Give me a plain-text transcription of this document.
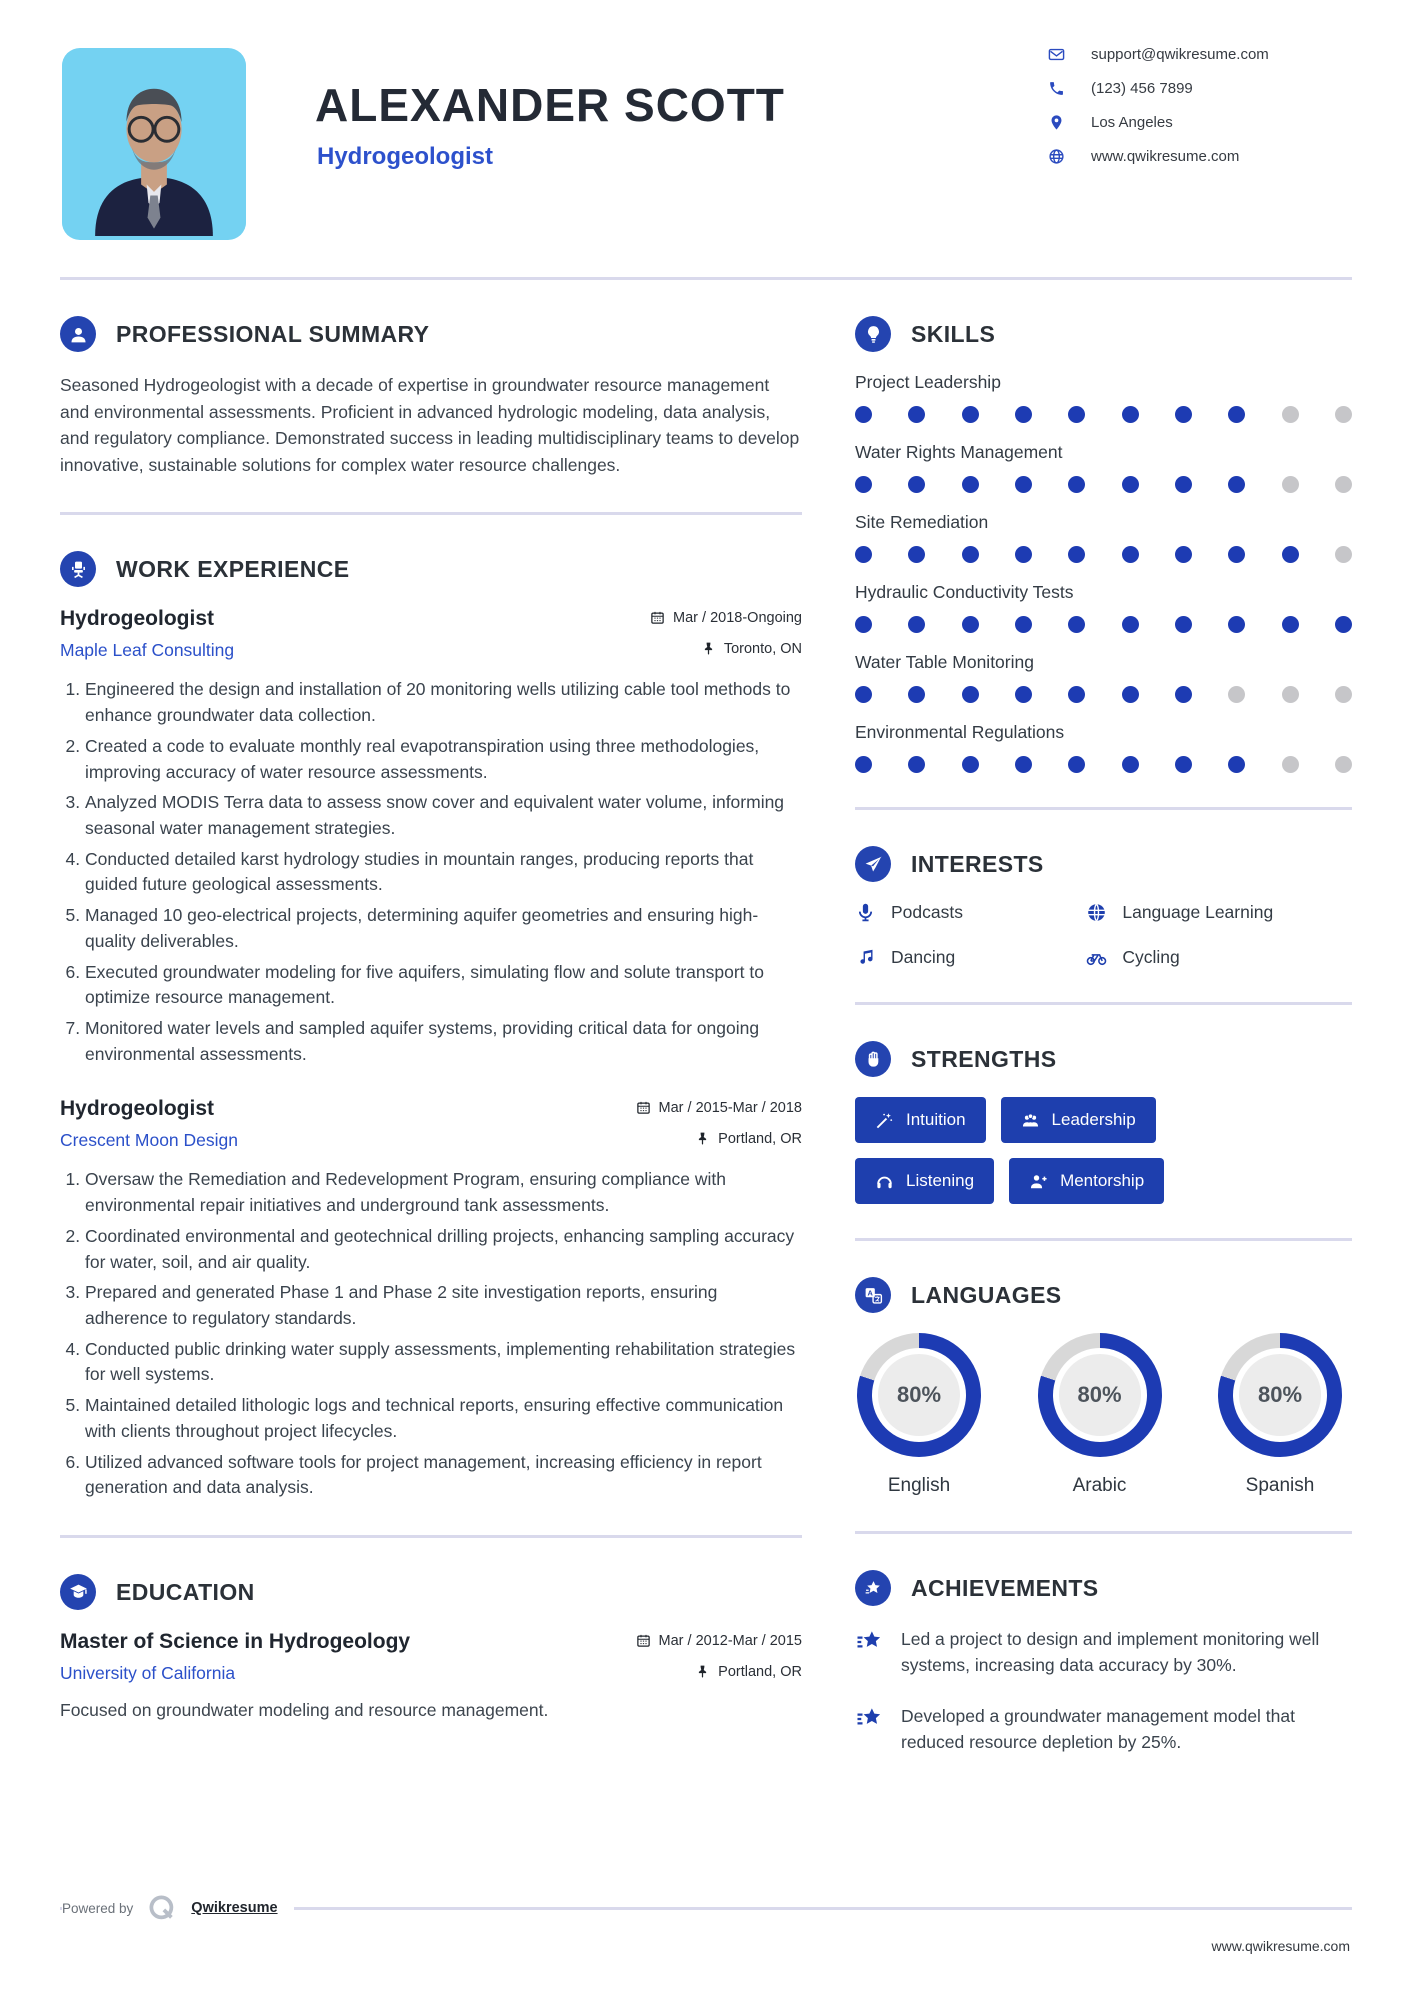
ALEXANDER SCOTT
Hydrogeologist
support@qwikresume.com
(123) 456 7899
Los Angeles
www.qwikresume.com
PROFESSIONAL SUMMARY

Seasoned Hydrogeologist with a decade of expertise in groundwater resource management and environmental assessments. Proficient in advanced hydrologic modeling, data analysis, and regulatory compliance. Demonstrated success in leading multidisciplinary teams to develop innovative, sustainable solutions for complex water resource challenges.

WORK EXPERIENCE
Hydrogeologist	Mar / 2018-Ongoing
Maple Leaf Consulting	Toronto, ON
1. Engineered the design and installation of 20 monitoring wells utilizing cable tool methods to enhance groundwater data collection.
2. Created a code to evaluate monthly real evapotranspiration using three methodologies, improving accuracy of water resource assessments.
3. Analyzed MODIS Terra data to assess snow cover and equivalent water volume, informing seasonal water management strategies.
4. Conducted detailed karst hydrology studies in mountain ranges, producing reports that guided future geological assessments.
5. Managed 10 geo-electrical projects, determining aquifer geometries and ensuring high-quality deliverables.
6. Executed groundwater modeling for five aquifers, simulating flow and solute transport to optimize resource management.
7. Monitored water levels and sampled aquifer systems, providing critical data for ongoing environmental assessments.
Hydrogeologist	Mar / 2015-Mar / 2018
Crescent Moon Design	Portland, OR
1. Oversaw the Remediation and Redevelopment Program, ensuring compliance with environmental repair initiatives and underground tank assessments.
2. Coordinated environmental and geotechnical drilling projects, enhancing sampling accuracy for water, soil, and air quality.
3. Prepared and generated Phase 1 and Phase 2 site investigation reports, ensuring adherence to regulatory standards.
4. Conducted public drinking water supply assessments, implementing rehabilitation strategies for well systems.
5. Maintained detailed lithologic logs and technical reports, ensuring effective communication with clients throughout project lifecycles.
6. Utilized advanced software tools for project management, increasing efficiency in report generation and data analysis.
EDUCATION
Master of Science in Hydrogeology	Mar / 2012-Mar / 2015
University of California	Portland, OR

Focused on groundwater modeling and resource management.

SKILLS
Project Leadership
Water Rights Management
Site Remediation
Hydraulic Conductivity Tests
Water Table Monitoring
Environmental Regulations
INTERESTS
Podcasts	Language Learning
Dancing	Cycling
STRENGTHS
Intuition	Leadership
Listening	Mentorship
A LANGUAGES
80%
English
80%
Arabic
80%
Spanish
ACHIEVEMENTS

Led a project to design and implement monitoring well systems, increasing data accuracy by 30%.

Developed a groundwater management model that reduced resource depletion by 25%.

Powered by	Qwikresume
www.qwikresume.com
